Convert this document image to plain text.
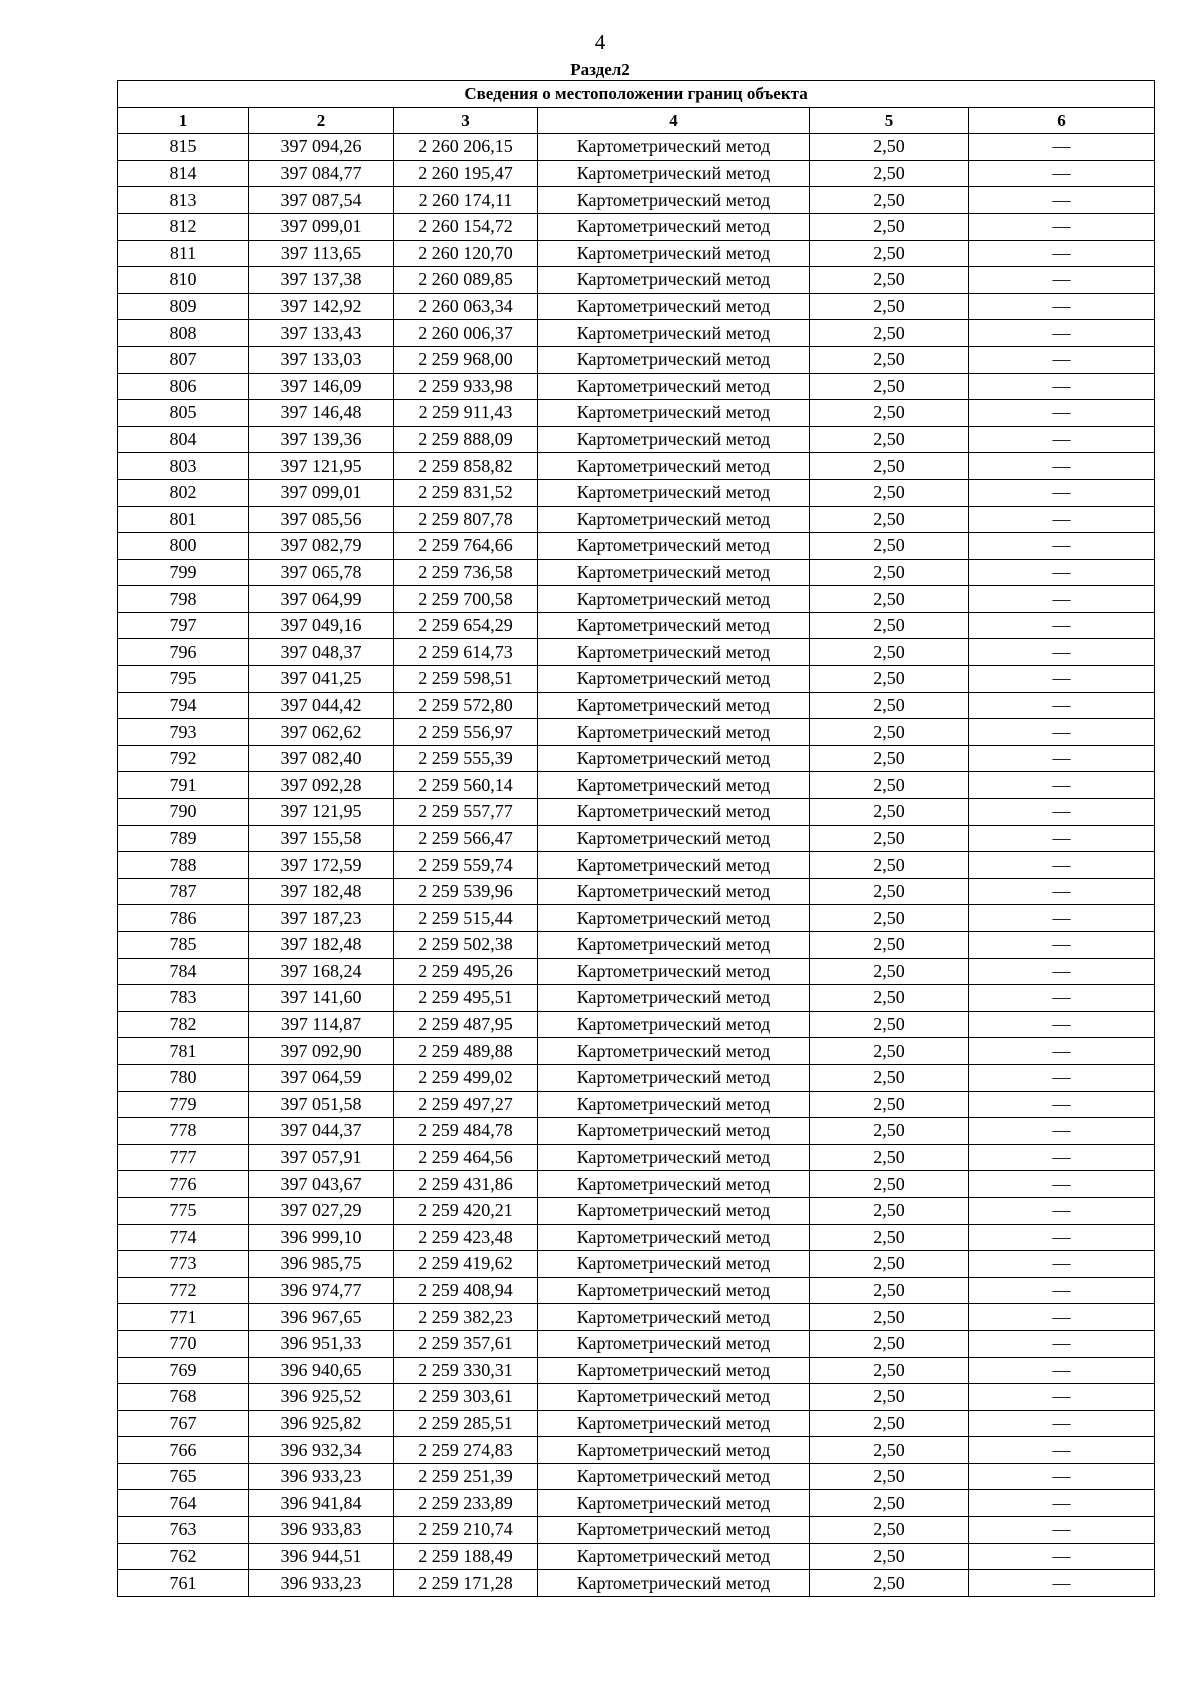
4
Раздел2
Сведения о местоположении границ объекта					
1	2	3	4	5	6
815	397 094,26	2 260 206,15	Картометрический метод	2,50	—
814	397 084,77	2 260 195,47	Картометрический метод	2,50	—
813	397 087,54	2 260 174,11	Картометрический метод	2,50	—
812	397 099,01	2 260 154,72	Картометрический метод	2,50	—
811	397 113,65	2 260 120,70	Картометрический метод	2,50	—
810	397 137,38	2 260 089,85	Картометрический метод	2,50	—
809	397 142,92	2 260 063,34	Картометрический метод	2,50	—
808	397 133,43	2 260 006,37	Картометрический метод	2,50	—
807	397 133,03	2 259 968,00	Картометрический метод	2,50	—
806	397 146,09	2 259 933,98	Картометрический метод	2,50	—
805	397 146,48	2 259 911,43	Картометрический метод	2,50	—
804	397 139,36	2 259 888,09	Картометрический метод	2,50	—
803	397 121,95	2 259 858,82	Картометрический метод	2,50	—
802	397 099,01	2 259 831,52	Картометрический метод	2,50	—
801	397 085,56	2 259 807,78	Картометрический метод	2,50	—
800	397 082,79	2 259 764,66	Картометрический метод	2,50	—
799	397 065,78	2 259 736,58	Картометрический метод	2,50	—
798	397 064,99	2 259 700,58	Картометрический метод	2,50	—
797	397 049,16	2 259 654,29	Картометрический метод	2,50	—
796	397 048,37	2 259 614,73	Картометрический метод	2,50	—
795	397 041,25	2 259 598,51	Картометрический метод	2,50	—
794	397 044,42	2 259 572,80	Картометрический метод	2,50	—
793	397 062,62	2 259 556,97	Картометрический метод	2,50	—
792	397 082,40	2 259 555,39	Картометрический метод	2,50	—
791	397 092,28	2 259 560,14	Картометрический метод	2,50	—
790	397 121,95	2 259 557,77	Картометрический метод	2,50	—
789	397 155,58	2 259 566,47	Картометрический метод	2,50	—
788	397 172,59	2 259 559,74	Картометрический метод	2,50	—
787	397 182,48	2 259 539,96	Картометрический метод	2,50	—
786	397 187,23	2 259 515,44	Картометрический метод	2,50	—
785	397 182,48	2 259 502,38	Картометрический метод	2,50	—
784	397 168,24	2 259 495,26	Картометрический метод	2,50	—
783	397 141,60	2 259 495,51	Картометрический метод	2,50	—
782	397 114,87	2 259 487,95	Картометрический метод	2,50	—
781	397 092,90	2 259 489,88	Картометрический метод	2,50	—
780	397 064,59	2 259 499,02	Картометрический метод	2,50	—
779	397 051,58	2 259 497,27	Картометрический метод	2,50	—
778	397 044,37	2 259 484,78	Картометрический метод	2,50	—
777	397 057,91	2 259 464,56	Картометрический метод	2,50	—
776	397 043,67	2 259 431,86	Картометрический метод	2,50	—
775	397 027,29	2 259 420,21	Картометрический метод	2,50	—
774	396 999,10	2 259 423,48	Картометрический метод	2,50	—
773	396 985,75	2 259 419,62	Картометрический метод	2,50	—
772	396 974,77	2 259 408,94	Картометрический метод	2,50	—
771	396 967,65	2 259 382,23	Картометрический метод	2,50	—
770	396 951,33	2 259 357,61	Картометрический метод	2,50	—
769	396 940,65	2 259 330,31	Картометрический метод	2,50	—
768	396 925,52	2 259 303,61	Картометрический метод	2,50	—
767	396 925,82	2 259 285,51	Картометрический метод	2,50	—
766	396 932,34	2 259 274,83	Картометрический метод	2,50	—
765	396 933,23	2 259 251,39	Картометрический метод	2,50	—
764	396 941,84	2 259 233,89	Картометрический метод	2,50	—
763	396 933,83	2 259 210,74	Картометрический метод	2,50	—
762	396 944,51	2 259 188,49	Картометрический метод	2,50	—
761	396 933,23	2 259 171,28	Картометрический метод	2,50	—
